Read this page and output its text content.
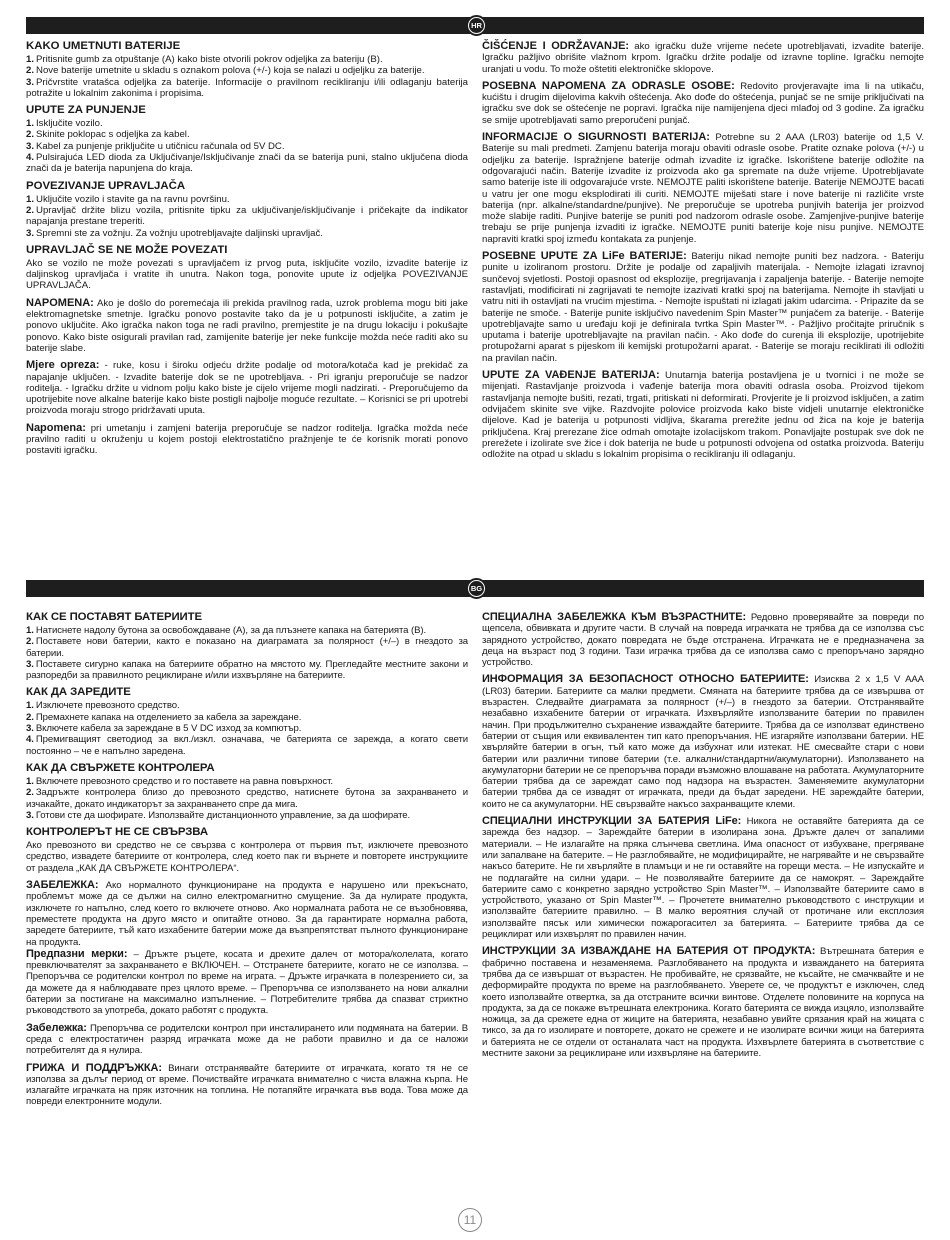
HR
KAKO UMETNUTI BATERIJE
1. Pritisnite gumb za otpuštanje (A) kako biste otvorili pokrov odjeljka za bateriju (B).
2. Nove baterije umetnite u skladu s oznakom polova (+/-) koja se nalazi u odjeljku za baterije.
3. Pričvrstite vratašca odjeljka za baterije. Informacije o pravilnom recikliranju i/ili odlaganju baterija potražite u lokalnim zakonima i propisima.
UPUTE ZA PUNJENJE
1. Isključite vozilo.
2. Skinite poklopac s odjeljka za kabel.
3. Kabel za punjenje priključite u utičnicu računala od 5V DC.
4. Pulsirajuća LED dioda za Uključivanje/Isključivanje znači da se baterija puni, stalno uključena dioda znači da je baterija napunjena do kraja.
POVEZIVANJE UPRAVLJAČA
1. Uključite vozilo i stavite ga na ravnu površinu.
2. Upravljač držite blizu vozila, pritisnite tipku za uključivanje/isključivanje i pričekajte da indikator napajanja prestane treperiti.
3. Spremni ste za vožnju. Za vožnju upotrebljavajte daljinski upravljač.
UPRAVLJAČ SE NE MOŽE POVEZATI

Ako se vozilo ne može povezati s upravljačem iz prvog puta, isključite vozilo, izvadite baterije iz daljinskog upravljača i vratite ih unutra. Nakon toga, ponovite upute iz odjeljka POVEZIVANJE UPRAVLJAČA.

NAPOMENA: Ako je došlo do poremećaja ili prekida pravilnog rada, uzrok problema mogu biti jake elektromagnetske smetnje. Igračku ponovo postavite tako da je u potpunosti isključite, a zatim je ponovo uključite. Ako igračka nakon toga ne radi pravilno, premjestite je na drugu lokaciju i pokušajte ponovo. Kako biste osigurali pravilan rad, zamijenite baterije jer neke funkcije možda neće raditi ako su baterije slabe.

Mjere opreza: - ruke, kosu i široku odjeću držite podalje od motora/kotača kad je prekidač za napajanje uključen. - Izvadite baterije dok se ne upotrebljava. - Pri igranju preporučuje se nadzor roditelja. - Igračku držite u vidnom polju kako biste je cijelo vrijeme mogli nadzirati. - Preporučujemo da upotrijebite nove alkalne baterije kako biste postigli najbolje moguće rezultate. – Korisnici se pri upotrebi proizvoda moraju strogo pridržavati uputa.

Napomena: pri umetanju i zamjeni baterija preporučuje se nadzor roditelja. Igračka možda neće pravilno raditi u okruženju u kojem postoji elektrostatično pražnjenje te će korisnik morati ponovo postaviti igračku.

ČIŠĆENJE I ODRŽAVANJE: ako igračku duže vrijeme nećete upotrebljavati, izvadite baterije. Igračku pažljivo obrišite vlažnom krpom. Igračku držite podalje od izravne topline. Igračku nemojte uranjati u vodu. To može oštetiti elektroničke sklopove.

POSEBNA NAPOMENA ZA ODRASLE OSOBE: Redovito provjeravajte ima li na utikaču, kućištu i drugim dijelovima kakvih oštećenja. Ako dođe do oštećenja, punjač se ne smije priključivati na igračku sve dok se oštećenje ne popravi. Igračka nije namijenjena djeci mlađoj od 3 godine. Za igračku se smije upotrebljavati samo preporučeni punjač.

INFORMACIJE O SIGURNOSTI BATERIJA: Potrebne su 2 AAA (LR03) baterije od 1,5 V. Baterije su mali predmeti. Zamjenu baterija moraju obaviti odrasle osobe. Pratite oznake polova (+/-) u odjeljku za baterije. Ispražnjene baterije odmah izvadite iz igračke. Iskorištene baterije odložite na odgovarajući način. Baterije izvadite iz proizvoda ako ga spremate na duže vrijeme. Upotrebljavate samo baterije iste ili odgovarajuće vrste. NEMOJTE paliti iskorištene baterije. Baterije NEMOJTE bacati u vatru jer one mogu eksplodirati ili curiti. NEMOJTE miješati stare i nove baterije ni različite vrste baterija (npr. alkalne/standardne/punjive). Ne preporučuje se upotreba punjivih baterija jer proizvod može slabije raditi. Punjive baterije se puniti pod nadzorom odrasle osobe. Zamjenjive-punjive baterije trebaju se prije punjenja izvaditi iz igračke. NEMOJTE puniti baterije koje nisu punjive. NEMOJTE napraviti kratki spoj između kontakata za punjenje.

POSEBNE UPUTE ZA LiFe BATERIJE: Bateriju nikad nemojte puniti bez nadzora. - Bateriju punite u izoliranom prostoru. Držite je podalje od zapaljivih materijala. - Nemojte izlagati izravnoj sunčevoj svjetlosti. Postoji opasnost od eksplozije, pregrijavanja i zapaljenja baterije. - Baterije nemojte rastavljati, modificirati ni zagrijavati te nemojte izazivati kratki spoj na baterijama. Nemojte ih stavljati u vatru niti ih ostavljati na vrućim mjestima. - Nemojte ispuštati ni izlagati jakim udarcima. - Pripazite da se baterije ne smoče. - Baterije punite isključivo navedenim Spin Master™ punjačem za baterije. - Baterije upotrebljavajte samo u uređaju koji je definirala tvrtka Spin Master™. - Pažljivo pročitajte priručnik s uputama i baterije upotrebljavajte na pravilan način. - Ako dođe do curenja ili eksplozije, upotrijebite protupožarni aparat s pijeskom ili kemijski protupožarni aparat. - Baterije se moraju reciklirati ili odložiti na pravilan način.

UPUTE ZA VAĐENJE BATERIJA: Unutarnja baterija postavljena je u tvornici i ne može se mijenjati. Rastavljanje proizvoda i vađenje baterija mora obaviti odrasla osoba. Proizvod tijekom rastavljanja nemojte bušiti, rezati, trgati, pritiskati ni deformirati. Provjerite je li proizvod isključen, a zatim odvijačem skinite sve vijke. Razdvojite polovice proizvoda kako biste vidjeli unutarnje elektroničke dijelove. Kad je baterija u potpunosti vidljiva, škarama prerežite jednu od žica na koje je baterija priključena. Kraj prerezane žice odmah omotajte izolacijskom trakom. Ponavljajte postupak sve dok ne prerežete i izolirate sve žice i dok baterija ne bude u potpunosti odvojena od ostatka proizvoda. Bateriju odložite na otpad u skladu s lokalnim propisima o recikliranju ili odlaganju.

BG
КАК СЕ ПОСТАВЯТ БАТЕРИИТЕ
1. Натиснете надолу бутона за освобождаване (A), за да плъзнете капака на батерията (B).
2. Поставете нови батерии, както е показано на диаграмата за полярност (+/–) в гнездото за батерии.
3. Поставете сигурно капака на батериите обратно на мястото му. Прегледайте местните закони и разпоредби за правилното рециклиране и/или изхвърляне на батериите.
КАК ДА ЗАРЕДИТЕ
1. Изключете превозното средство.
2. Премахнете капака на отделението за кабела за зареждане.
3. Включете кабела за зареждане в 5 V DC изход за компютър.
4. Премигващият светодиод за вкл./изкл. означава, че батерията се зарежда, а когато свети постоянно – че е напълно заредена.
КАК ДА СВЪРЖЕТЕ КОНТРОЛЕРА
1. Включете превозното средство и го поставете на равна повърхност.
2. Задръжте контролера близо до превозното средство, натиснете бутона за захранването и изчакайте, докато индикаторът за захранването спре да мига.
3. Готови сте да шофирате. Използвайте дистанционното управление, за да шофирате.
КОНТРОЛЕРЪТ НЕ СЕ СВЪРЗВА

Ако превозното ви средство не се свързва с контролера от първия път, изключете превозното средство, извадете батериите от контролера, след което пак ги върнете и повторете инструкциите от раздела „КАК ДА СВЪРЖЕТЕ КОНТРОЛЕРА“.

ЗАБЕЛЕЖКА: Ако нормалното функциониране на продукта е нарушено или прекъснато, проблемът може да се дължи на силно електромагнитно смущение. За да нулирате продукта, изключете го напълно, след което го включете отново. Ако нормалната работа не се възобновява, преместете продукта на друго място и опитайте отново. За да гарантирате нормална работа, заредете батериите, тъй като изхабените батерии може да възпрепятстват пълното функциониране на продукта.

Предпазни мерки: – Дръжте ръцете, косата и дрехите далеч от мотора/колелата, когато превключвателят за захранването е ВКЛЮЧЕН. – Отстранете батериите, когато не се използва. – Препоръчва се родителски контрол по време на играта. – Дръжте играчката в полезрението си, за да можете да я наблюдавате през цялото време. – Препоръчва се използването на нови алкални батерии за постигане на максимално изпълнение. – Потребителите трябва да спазват стриктно ръководството за употреба, докато работят с продукта.

Забележка: Препоръчва се родителски контрол при инсталирането или подмяната на батерии. В среда с електростатичен разряд играчката може да не работи правилно и да се наложи потребителят да я нулира.

ГРИЖА И ПОДДРЪЖКА: Винаги отстранявайте батериите от играчката, когато тя не се използва за дълъг период от време. Почиствайте играчката внимателно с чиста влажна кърпа. Не излагайте играчката на пряк източник на топлина. Не потапяйте играчката във вода. Това може да повреди електронните модули.

СПЕЦИАЛНА ЗАБЕЛЕЖКА КЪМ ВЪЗРАСТНИТЕ: Редовно проверявайте за повреди по щепсела, обвивката и другите части. В случай на повреда играчката не трябва да се използва със зарядното устройство, докато повредата не бъде отстранена. Играчката не е предназначена за деца на възраст под 3 години. Тази играчка трябва да се използва само с препоръчано зарядно устройство.

ИНФОРМАЦИЯ ЗА БЕЗОПАСНОСТ ОТНОСНО БАТЕРИИТЕ: Изисква 2 x 1,5 V AAA (LR03) батерии. Батериите са малки предмети. Смяната на батериите трябва да се извършва от възрастен. Следвайте диаграмата за полярност (+/–) в гнездото за батерии. Отстранявайте незабавно изхабените батерии от играчката. Изхвърляйте използваните батерии по правилен начин. При продължително съхранение изваждайте батериите. Трябва да се използват единствено батерии от същия или еквивалентен тип като препоръчания. НЕ изгаряйте използвани батерии. НЕ хвърляйте батерии в огън, тъй като може да избухнат или изтекат. НЕ смесвайте стари с нови батерии или различни типове батерии (т.е. алкални/стандартни/акумулаторни). Използването на акумулаторни батерии не се препоръчва поради възможно влошаване на работата. Акумулаторните батерии трябва да се зареждат само под надзора на възрастен. Заменяемите акумулаторни батерии трябва да се извадят от играчката, преди да бъдат заредени. НЕ зареждайте батерии, които не са акумулаторни. НЕ свързвайте накъсо захранващите клеми.

СПЕЦИАЛНИ ИНСТРУКЦИИ ЗА БАТЕРИЯ LiFe: Никога не оставяйте батерията да се зарежда без надзор. – Зареждайте батерии в изолирана зона. Дръжте далеч от запалими материали. – Не излагайте на пряка слънчева светлина. Има опасност от избухване, прегряване или запалване на батерите. – Не разглобявайте, не модифицирайте, не нагрявайте и не свързвайте накъсо батерите. Не ги хвърляйте в пламъци и не ги оставяйте на горещи места. – Не изпускайте и не подлагайте на силни удари. – Не позволявайте батериите да се намокрят. – Зареждайте батериите само с конкретно зарядно устройство Spin Master™. – Използвайте батериите само в устройството, указано от Spin Master™. – Прочетете внимателно ръководството с инструкции и използвайте батериите правилно. – В малко вероятния случай от протичане или експлозия използвайте пясък или химически пожарогасител за батерията. – Батериите трябва да се рециклират или изхвърлят по правилен начин.

ИНСТРУКЦИИ ЗА ИЗВАЖДАНЕ НА БАТЕРИЯ ОТ ПРОДУКТА: Вътрешната батерия е фабрично поставена и незаменяема. Разглобяването на продукта и изваждането на батерията трябва да се извършат от възрастен. Не пробивайте, не срязвайте, не късайте, не смачквайте и не деформирайте продукта по време на разглобяването. Уверете се, че продуктът е изключен, след което използвайте отвертка, за да отстраните всички винтове. Отделете половините на корпуса на продукта, за да се покаже вътрешната електроника. Когато батерията се вижда изцяло, използвайте ножица, за да срежете една от жиците на батерията, незабавно увийте срязания край на жицата с тиксо, за да го изолирате и повторете, докато не срежете и не изолирате всички жици на батерията и батерията не се отдели от останалата част на продукта. Изхвърлете батерията в съответствие с местните закони за рециклиране или изхвърляне на батериите.

11
